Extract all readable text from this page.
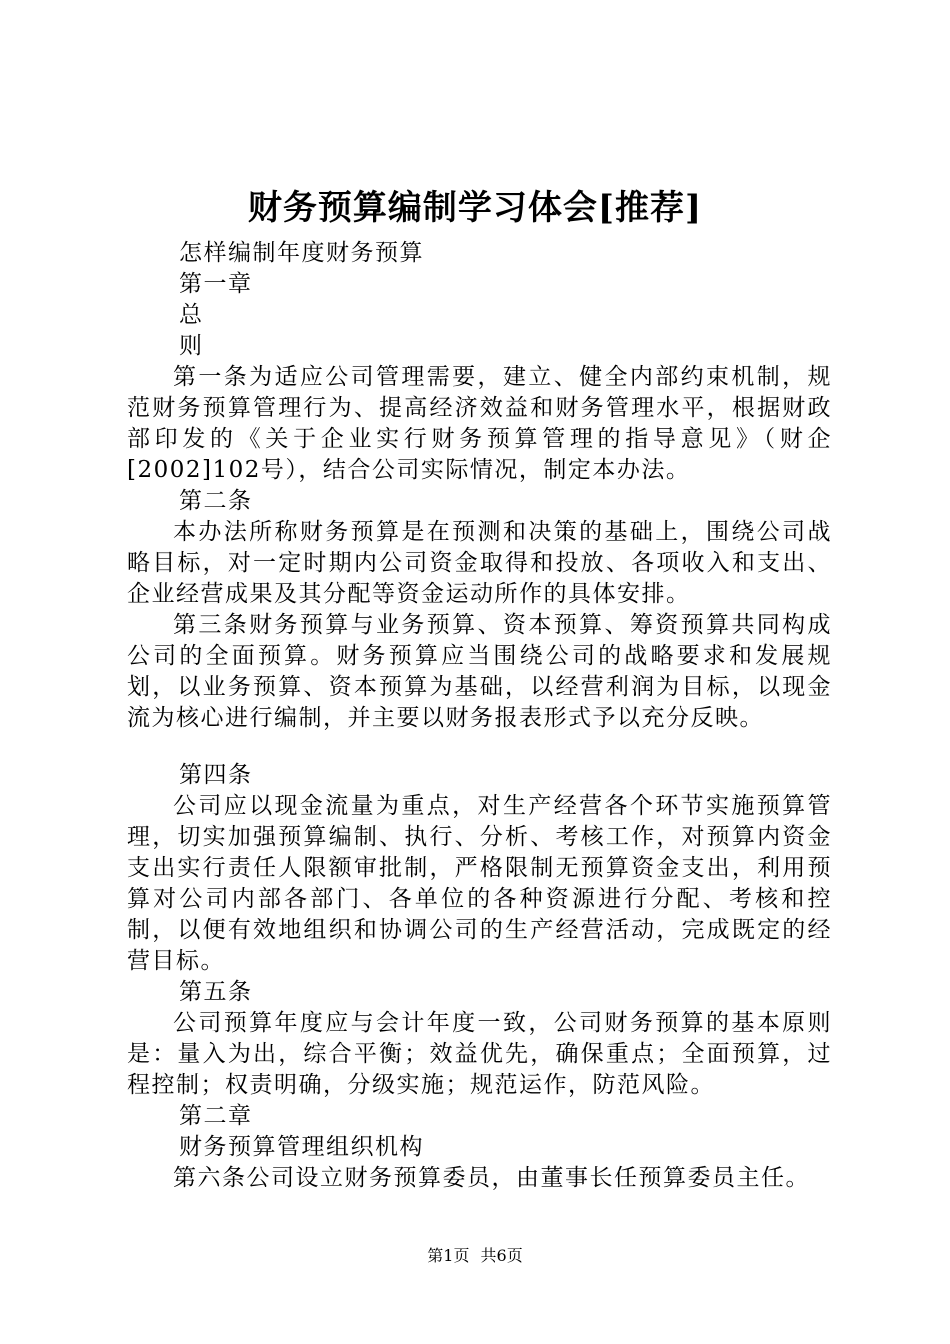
财务预算编制学习体会[推荐]

怎样编制年度财务预算

第一章

总

则

第一条为适应公司管理需要，建立、健全内部约束机制，规范财务预算管理行为、提高经济效益和财务管理水平，根据财政部印发的《关于企业实行财务预算管理的指导意见》（财企[2002]102号），结合公司实际情况，制定本办法。

第二条

本办法所称财务预算是在预测和决策的基础上，围绕公司战略目标，对一定时期内公司资金取得和投放、各项收入和支出、企业经营成果及其分配等资金运动所作的具体安排。

第三条财务预算与业务预算、资本预算、筹资预算共同构成公司的全面预算。财务预算应当围绕公司的战略要求和发展规划，以业务预算、资本预算为基础，以经营利润为目标，以现金流为核心进行编制，并主要以财务报表形式予以充分反映。

第四条

公司应以现金流量为重点，对生产经营各个环节实施预算管理，切实加强预算编制、执行、分析、考核工作，对预算内资金支出实行责任人限额审批制，严格限制无预算资金支出，利用预算对公司内部各部门、各单位的各种资源进行分配、考核和控制，以便有效地组织和协调公司的生产经营活动，完成既定的经营目标。

第五条

公司预算年度应与会计年度一致，公司财务预算的基本原则是：量入为出，综合平衡；效益优先，确保重点；全面预算，过程控制；权责明确，分级实施；规范运作，防范风险。

第二章

财务预算管理组织机构

第六条公司设立财务预算委员，由董事长任预算委员主任。

第1页 共6页
